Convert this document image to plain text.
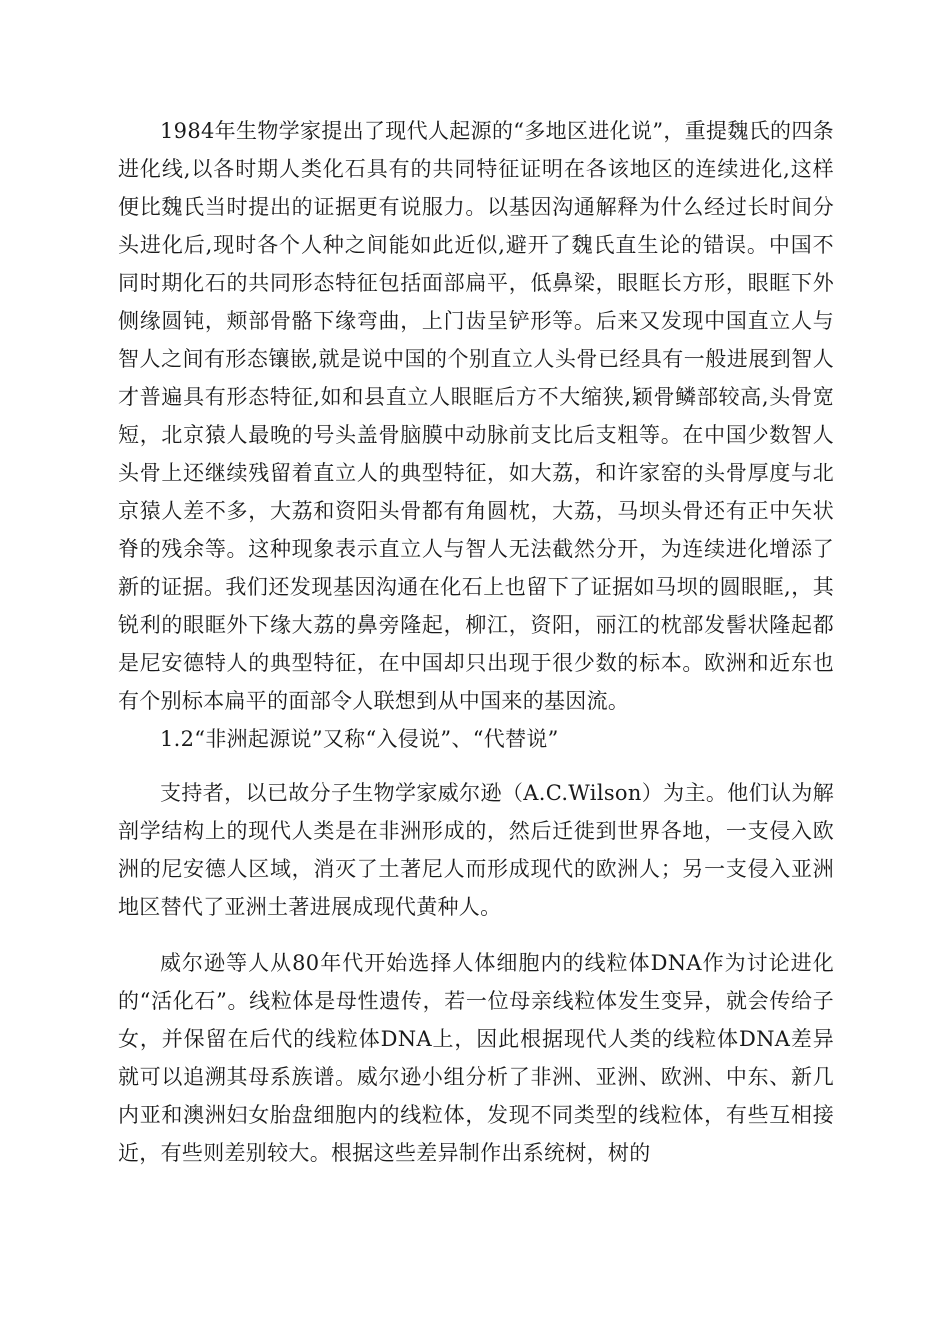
1984年生物学家提出了现代人起源的“多地区进化说”，重提魏氏的四条进化线,以各时期人类化石具有的共同特征证明在各该地区的连续进化,这样便比魏氏当时提出的证据更有说服力。以基因沟通解释为什么经过长时间分头进化后,现时各个人种之间能如此近似,避开了魏氏直生论的错误。中国不同时期化石的共同形态特征包括面部扁平，低鼻梁，眼眶长方形，眼眶下外侧缘圆钝，颊部骨骼下缘弯曲，上门齿呈铲形等。后来又发现中国直立人与智人之间有形态镶嵌,就是说中国的个别直立人头骨已经具有一般进展到智人才普遍具有形态特征,如和县直立人眼眶后方不大缩狭,颖骨鳞部较高,头骨宽短，北京猿人最晚的号头盖骨脑膜中动脉前支比后支粗等。在中国少数智人头骨上还继续残留着直立人的典型特征，如大荔，和许家窑的头骨厚度与北京猿人差不多，大荔和资阳头骨都有角圆枕，大荔，马坝头骨还有正中矢状脊的残余等。这种现象表示直立人与智人无法截然分开，为连续进化增添了新的证据。我们还发现基因沟通在化石上也留下了证据如马坝的圆眼眶,，其锐利的眼眶外下缘大荔的鼻旁隆起，柳江，资阳，丽江的枕部发髻状隆起都是尼安德特人的典型特征，在中国却只出现于很少数的标本。欧洲和近东也有个别标本扁平的面部令人联想到从中国来的基因流。

1.2“非洲起源说”又称“入侵说”、“代替说”

支持者，以已故分子生物学家威尔逊（A.C.Wilson）为主。他们认为解剖学结构上的现代人类是在非洲形成的，然后迁徙到世界各地，一支侵入欧洲的尼安德人区域，消灭了土著尼人而形成现代的欧洲人；另一支侵入亚洲地区替代了亚洲土著进展成现代黄种人。

威尔逊等人从80年代开始选择人体细胞内的线粒体DNA作为讨论进化的“活化石”。线粒体是母性遗传，若一位母亲线粒体发生变异，就会传给子女，并保留在后代的线粒体DNA上，因此根据现代人类的线粒体DNA差异就可以追溯其母系族谱。威尔逊小组分析了非洲、亚洲、欧洲、中东、新几内亚和澳洲妇女胎盘细胞内的线粒体，发现不同类型的线粒体，有些互相接近，有些则差别较大。根据这些差异制作出系统树，树的
